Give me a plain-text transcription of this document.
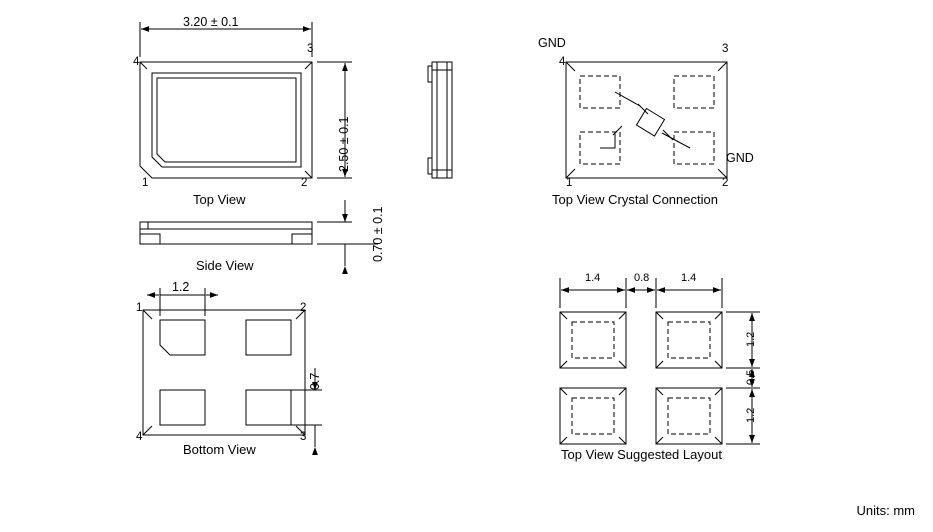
3.20 ± 0.1
2.50 ± 0.1
4
3
1	2
Top View
0.70 ± 0.1
Side View
1.2
0.7
1	2
4	3
Bottom View
GND
GND
4
3
1	2
Top View Crystal Connection
1.4	0.8	1.4
1.2
0.5
1.2
Top View Suggested Layout
Units: mm
